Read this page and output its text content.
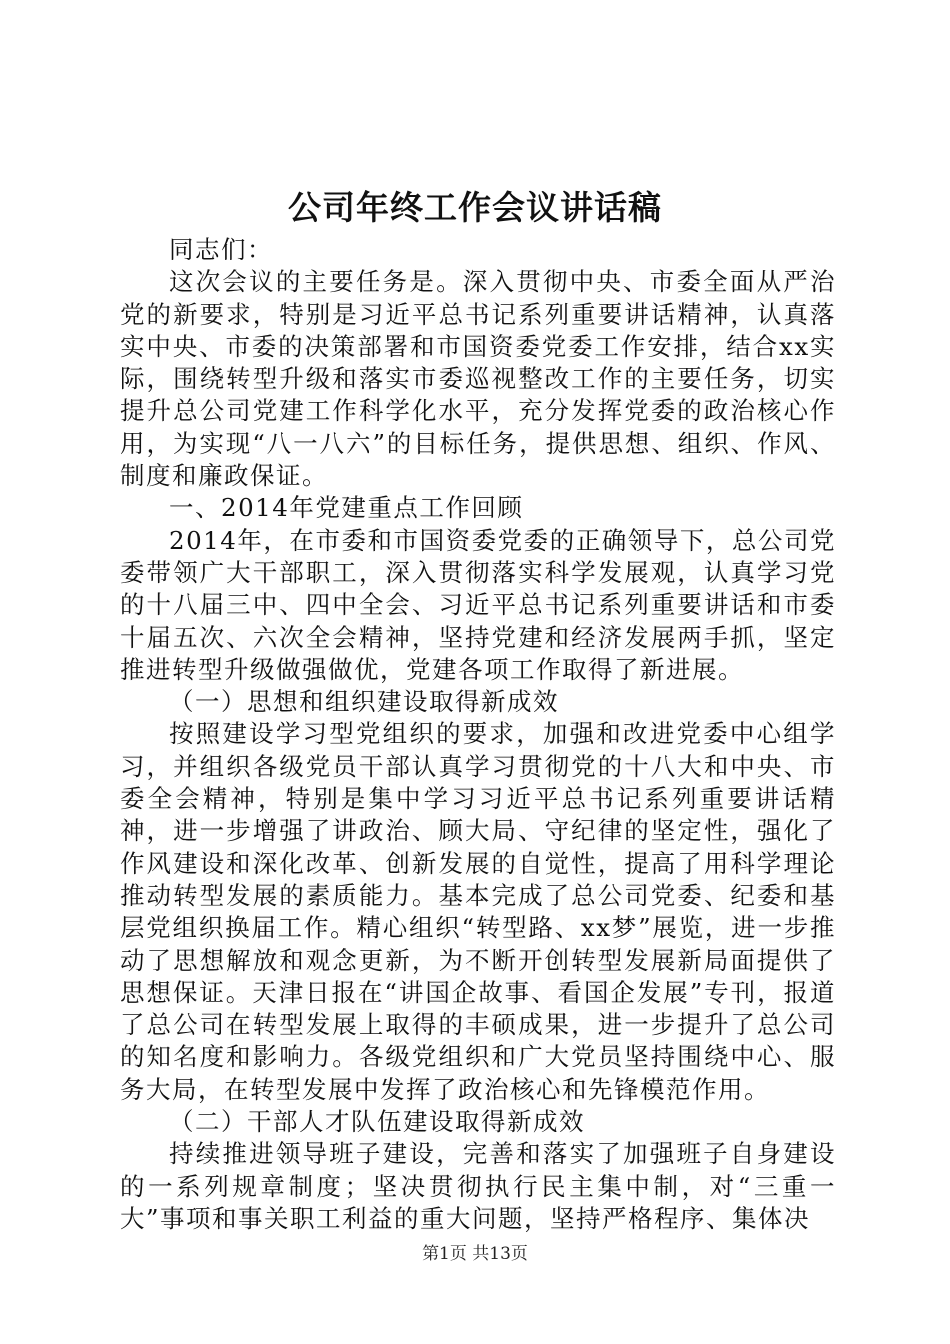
公司年终工作会议讲话稿

同志们：

这次会议的主要任务是。深入贯彻中央、市委全面从严治党的新要求，特别是习近平总书记系列重要讲话精神，认真落实中央、市委的决策部署和市国资委党委工作安排，结合xx实际，围绕转型升级和落实市委巡视整改工作的主要任务，切实提升总公司党建工作科学化水平，充分发挥党委的政治核心作用，为实现“八一八六”的目标任务，提供思想、组织、作风、制度和廉政保证。

一、2014年党建重点工作回顾

2014年，在市委和市国资委党委的正确领导下，总公司党委带领广大干部职工，深入贯彻落实科学发展观，认真学习党的十八届三中、四中全会、习近平总书记系列重要讲话和市委十届五次、六次全会精神，坚持党建和经济发展两手抓，坚定推进转型升级做强做优，党建各项工作取得了新进展。

（一）思想和组织建设取得新成效

按照建设学习型党组织的要求，加强和改进党委中心组学习，并组织各级党员干部认真学习贯彻党的十八大和中央、市委全会精神，特别是集中学习习近平总书记系列重要讲话精神，进一步增强了讲政治、顾大局、守纪律的坚定性，强化了作风建设和深化改革、创新发展的自觉性，提高了用科学理论推动转型发展的素质能力。基本完成了总公司党委、纪委和基层党组织换届工作。精心组织“转型路、xx梦”展览，进一步推动了思想解放和观念更新，为不断开创转型发展新局面提供了思想保证。天津日报在“讲国企故事、看国企发展”专刊，报道了总公司在转型发展上取得的丰硕成果，进一步提升了总公司的知名度和影响力。各级党组织和广大党员坚持围绕中心、服务大局，在转型发展中发挥了政治核心和先锋模范作用。

（二）干部人才队伍建设取得新成效

持续推进领导班子建设，完善和落实了加强班子自身建设的一系列规章制度；坚决贯彻执行民主集中制，对“三重一大”事项和事关职工利益的重大问题，坚持严格程序、集体决

第1页 共13页
